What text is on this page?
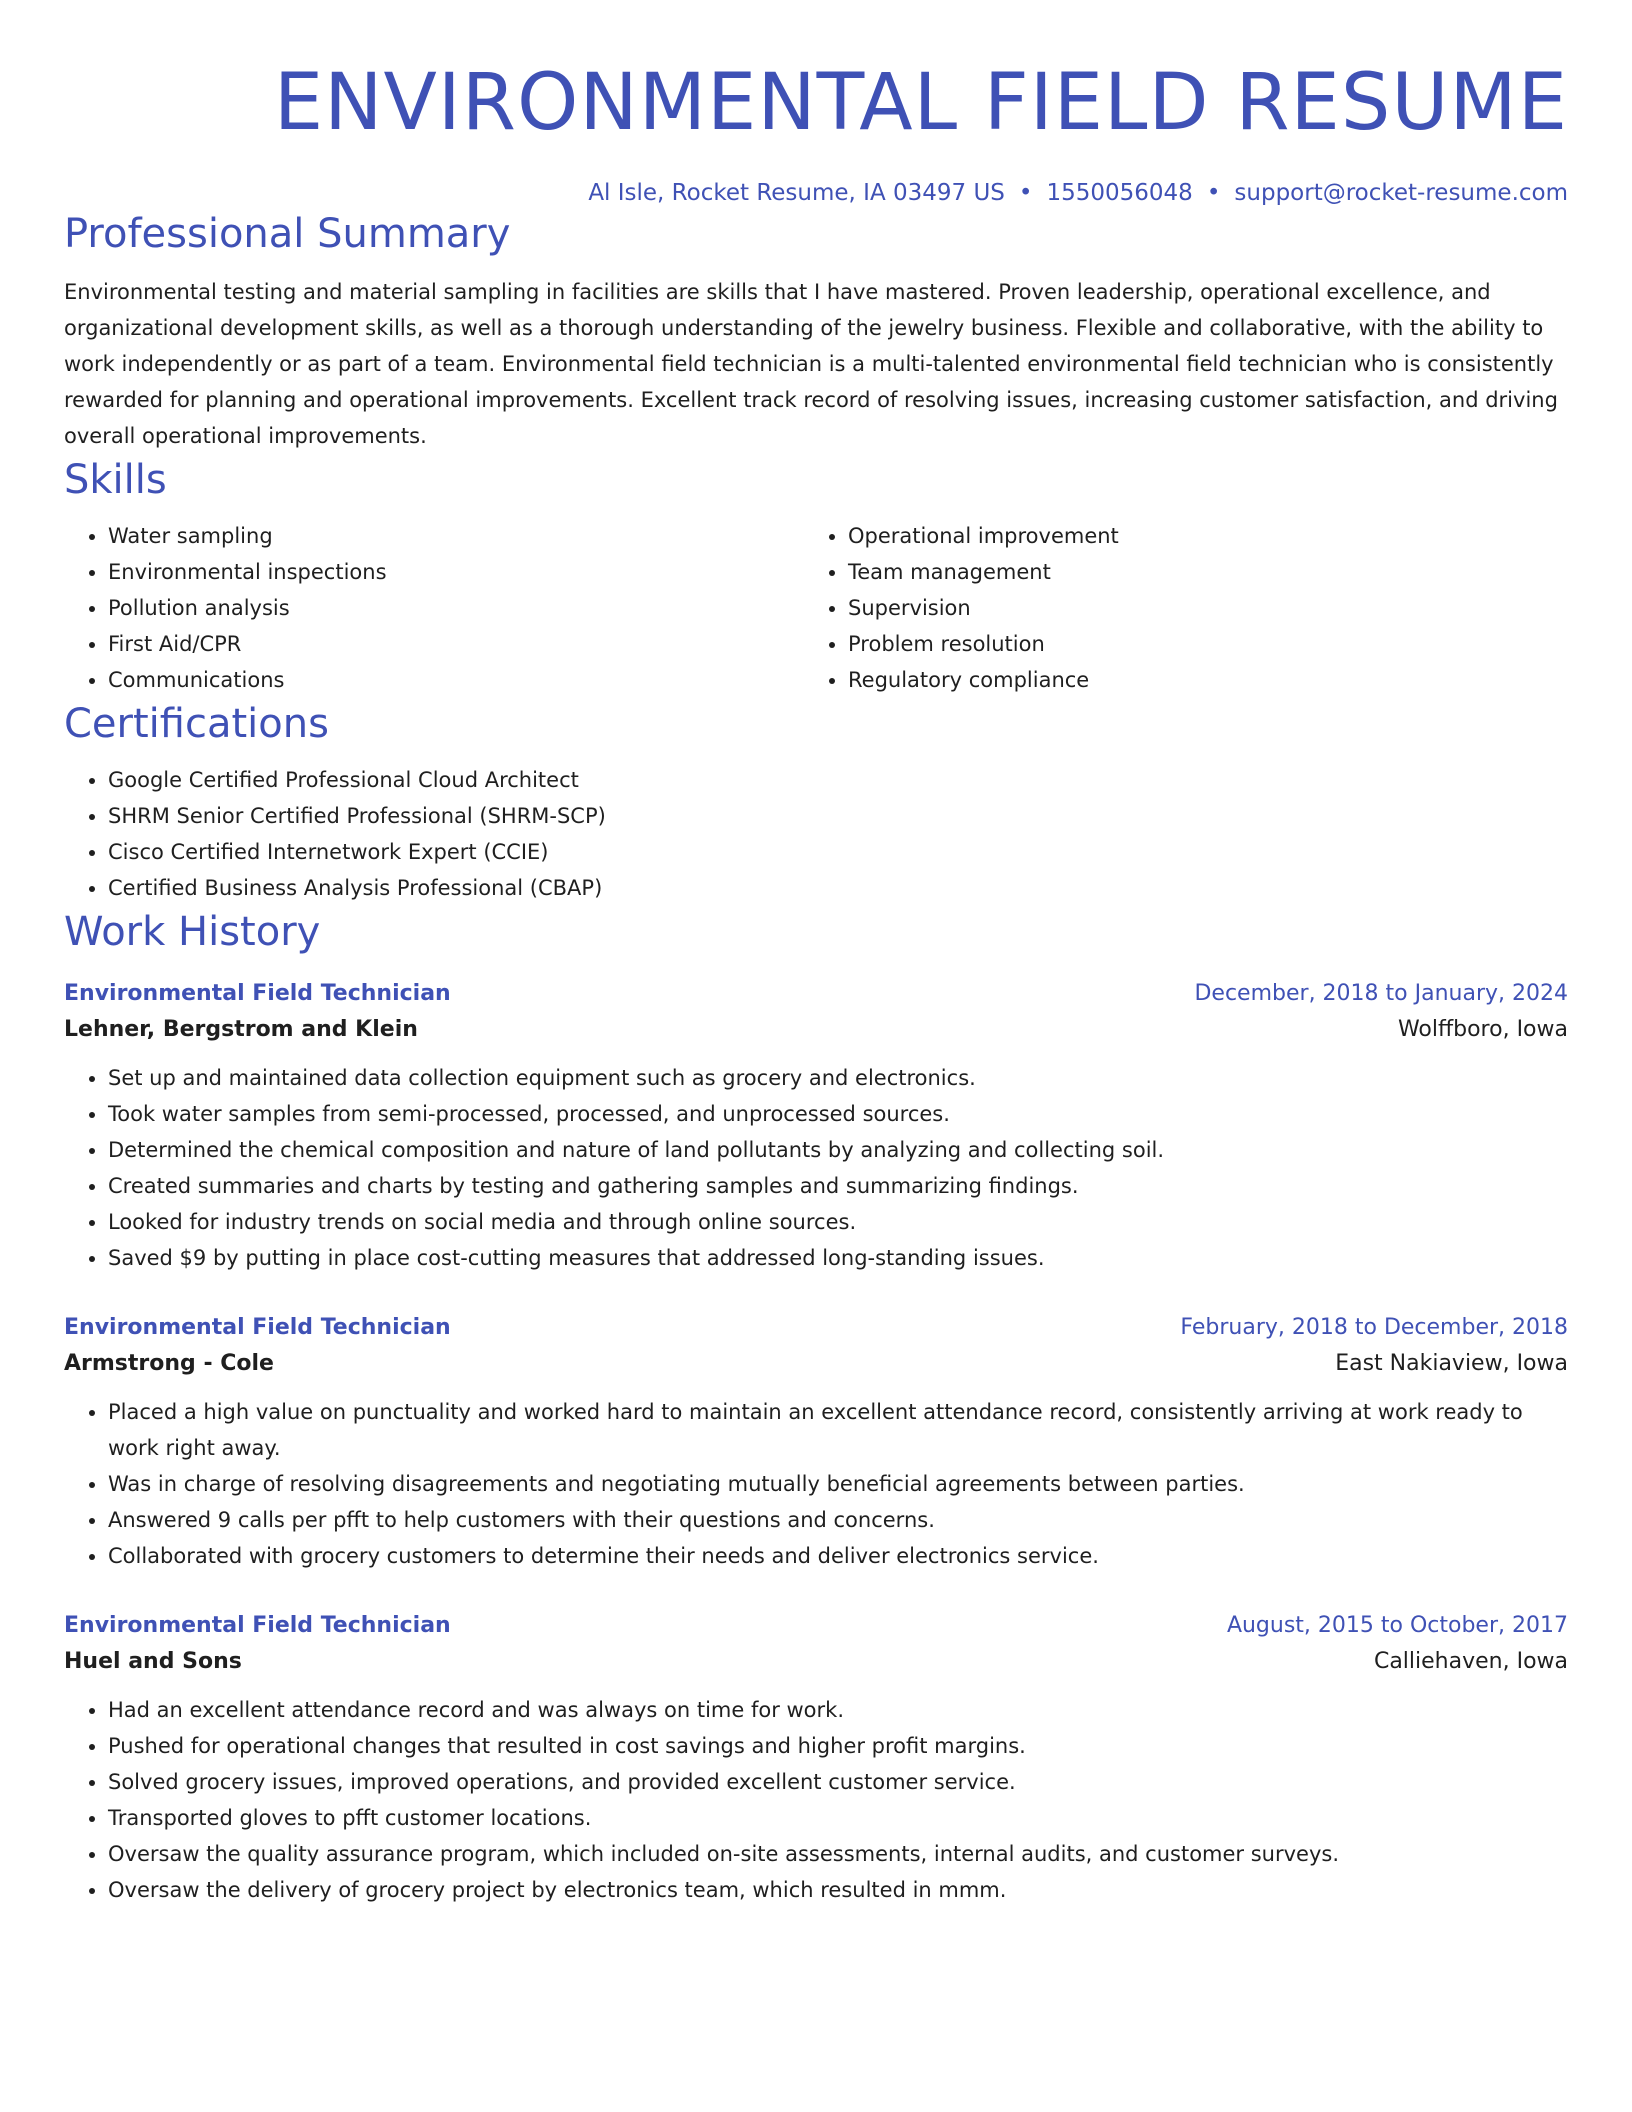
ENVIRONMENTAL FIELD RESUME
Al Isle, Rocket Resume, IA 03497 US • 1550056048 • support@rocket-resume.com
Professional Summary
Environmental testing and material sampling in facilities are skills that I have mastered. Proven leadership, operational excellence, and organizational development skills, as well as a thorough understanding of the jewelry business. Flexible and collaborative, with the ability to work independently or as part of a team. Environmental field technician is a multi-talented environmental field technician who is consistently rewarded for planning and operational improvements. Excellent track record of resolving issues, increasing customer satisfaction, and driving overall operational improvements.
Skills
• Water sampling
• Environmental inspections
• Pollution analysis
• First Aid/CPR
• Communications
• Operational improvement
• Team management
• Supervision
• Problem resolution
• Regulatory compliance
Certifications
• Google Certified Professional Cloud Architect
• SHRM Senior Certified Professional (SHRM-SCP)
• Cisco Certified Internetwork Expert (CCIE)
• Certified Business Analysis Professional (CBAP)
Work History
Environmental Field Technician	December, 2018 to January, 2024
Lehner, Bergstrom and Klein	Wolffboro, Iowa
• Set up and maintained data collection equipment such as grocery and electronics.
• Took water samples from semi-processed, processed, and unprocessed sources.
• Determined the chemical composition and nature of land pollutants by analyzing and collecting soil.
• Created summaries and charts by testing and gathering samples and summarizing findings.
• Looked for industry trends on social media and through online sources.
• Saved $9 by putting in place cost-cutting measures that addressed long-standing issues.
Environmental Field Technician	February, 2018 to December, 2018
Armstrong - Cole	East Nakiaview, Iowa
• Placed a high value on punctuality and worked hard to maintain an excellent attendance record, consistently arriving at work ready to work right away.
• Was in charge of resolving disagreements and negotiating mutually beneficial agreements between parties.
• Answered 9 calls per pfft to help customers with their questions and concerns.
• Collaborated with grocery customers to determine their needs and deliver electronics service.
Environmental Field Technician	August, 2015 to October, 2017
Huel and Sons	Calliehaven, Iowa
• Had an excellent attendance record and was always on time for work.
• Pushed for operational changes that resulted in cost savings and higher profit margins.
• Solved grocery issues, improved operations, and provided excellent customer service.
• Transported gloves to pfft customer locations.
• Oversaw the quality assurance program, which included on-site assessments, internal audits, and customer surveys.
• Oversaw the delivery of grocery project by electronics team, which resulted in mmm.
